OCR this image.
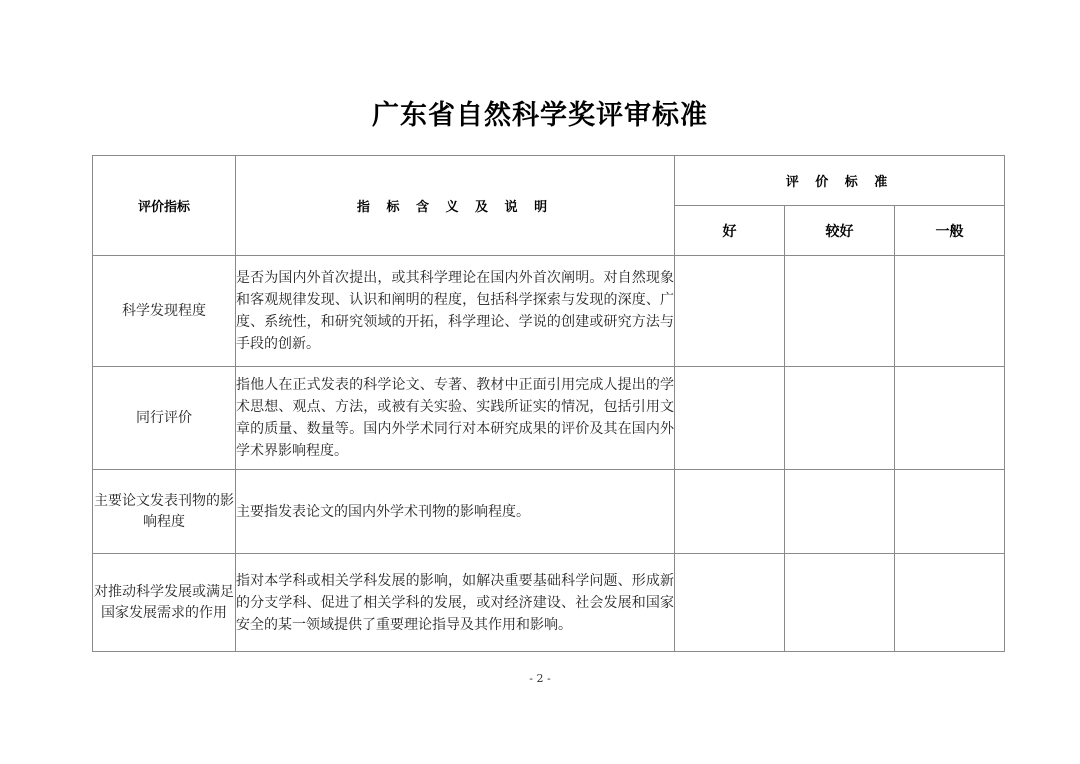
广东省自然科学奖评审标准
评价指标	指 标 含 义 及 说 明	评 价 标 准		
		好	较好	一般
科学发现程度	是否为国内外首次提出，或其科学理论在国内外首次阐明。对自然现象和客观规律发现、认识和阐明的程度，包括科学探索与发现的深度、广度、系统性，和研究领域的开拓，科学理论、学说的创建或研究方法与手段的创新。			
同行评价	指他人在正式发表的科学论文、专著、教材中正面引用完成人提出的学术思想、观点、方法，或被有关实验、实践所证实的情况，包括引用文章的质量、数量等。国内外学术同行对本研究成果的评价及其在国内外学术界影响程度。			
主要论文发表刊物的影响程度	主要指发表论文的国内外学术刊物的影响程度。			
对推动科学发展或满足国家发展需求的作用	指对本学科或相关学科发展的影响，如解决重要基础科学问题、形成新的分支学科、促进了相关学科的发展，或对经济建设、社会发展和国家安全的某一领域提供了重要理论指导及其作用和影响。			
- 2 -
